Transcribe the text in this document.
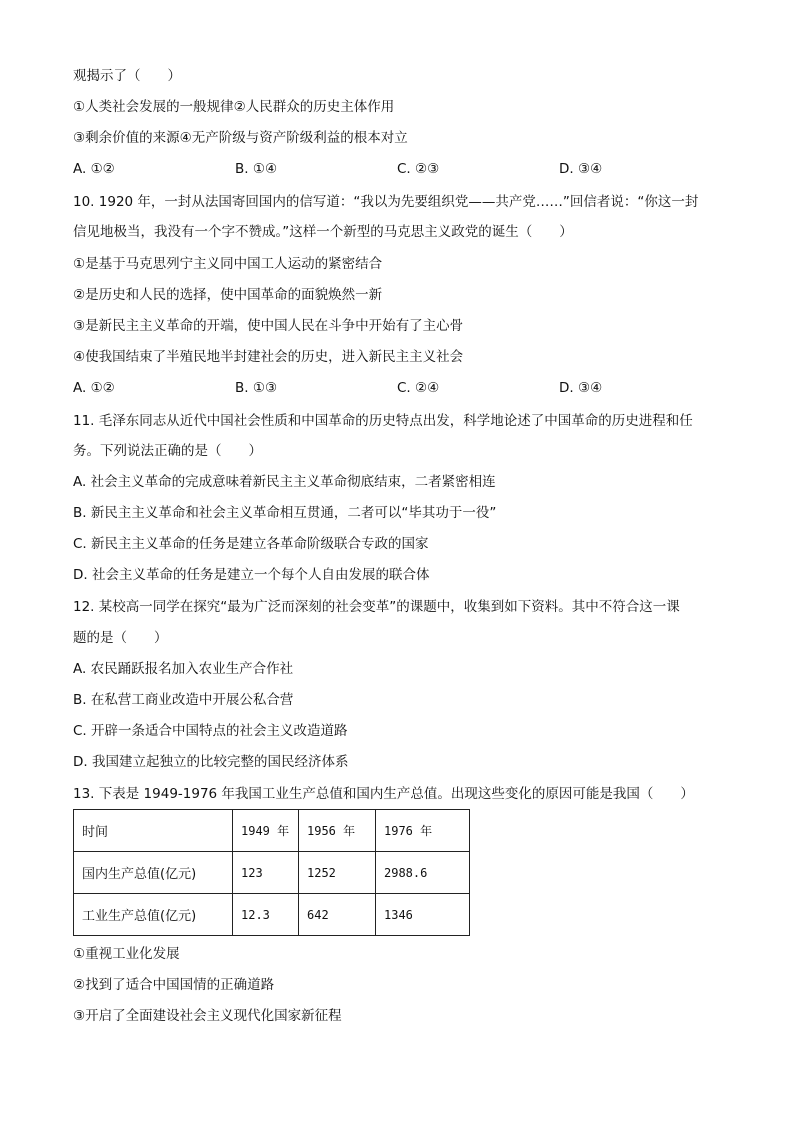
观揭示了（　　）
①人类社会发展的一般规律②人民群众的历史主体作用
③剩余价值的来源④无产阶级与资产阶级利益的根本对立
A. ①②	B. ①④	C. ②③	D. ③④
10. 1920 年，一封从法国寄回国内的信写道：“我以为先要组织党——共产党……”回信者说：“你这一封
信见地极当，我没有一个字不赞成。”这样一个新型的马克思主义政党的诞生（　　）
①是基于马克思列宁主义同中国工人运动的紧密结合
②是历史和人民的选择，使中国革命的面貌焕然一新
③是新民主主义革命的开端，使中国人民在斗争中开始有了主心骨
④使我国结束了半殖民地半封建社会的历史，进入新民主主义社会
A. ①②	B. ①③	C. ②④	D. ③④
11. 毛泽东同志从近代中国社会性质和中国革命的历史特点出发，科学地论述了中国革命的历史进程和任
务。下列说法正确的是（　　）
A. 社会主义革命的完成意味着新民主主义革命彻底结束，二者紧密相连
B. 新民主主义革命和社会主义革命相互贯通，二者可以“毕其功于一役”
C. 新民主主义革命的任务是建立各革命阶级联合专政的国家
D. 社会主义革命的任务是建立一个每个人自由发展的联合体
12. 某校高一同学在探究“最为广泛而深刻的社会变革”的课题中，收集到如下资料。其中不符合这一课
题的是（　　）
A. 农民踊跃报名加入农业生产合作社
B. 在私营工商业改造中开展公私合营
C. 开辟一条适合中国特点的社会主义改造道路
D. 我国建立起独立的比较完整的国民经济体系
13. 下表是 1949-1976 年我国工业生产总值和国内生产总值。出现这些变化的原因可能是我国（　　）
时间	1949 年	1956 年	1976 年
国内生产总值(亿元)	123	1252	2988.6
工业生产总值(亿元)	12.3	642	1346
①重视工业化发展
②找到了适合中国国情的正确道路
③开启了全面建设社会主义现代化国家新征程
